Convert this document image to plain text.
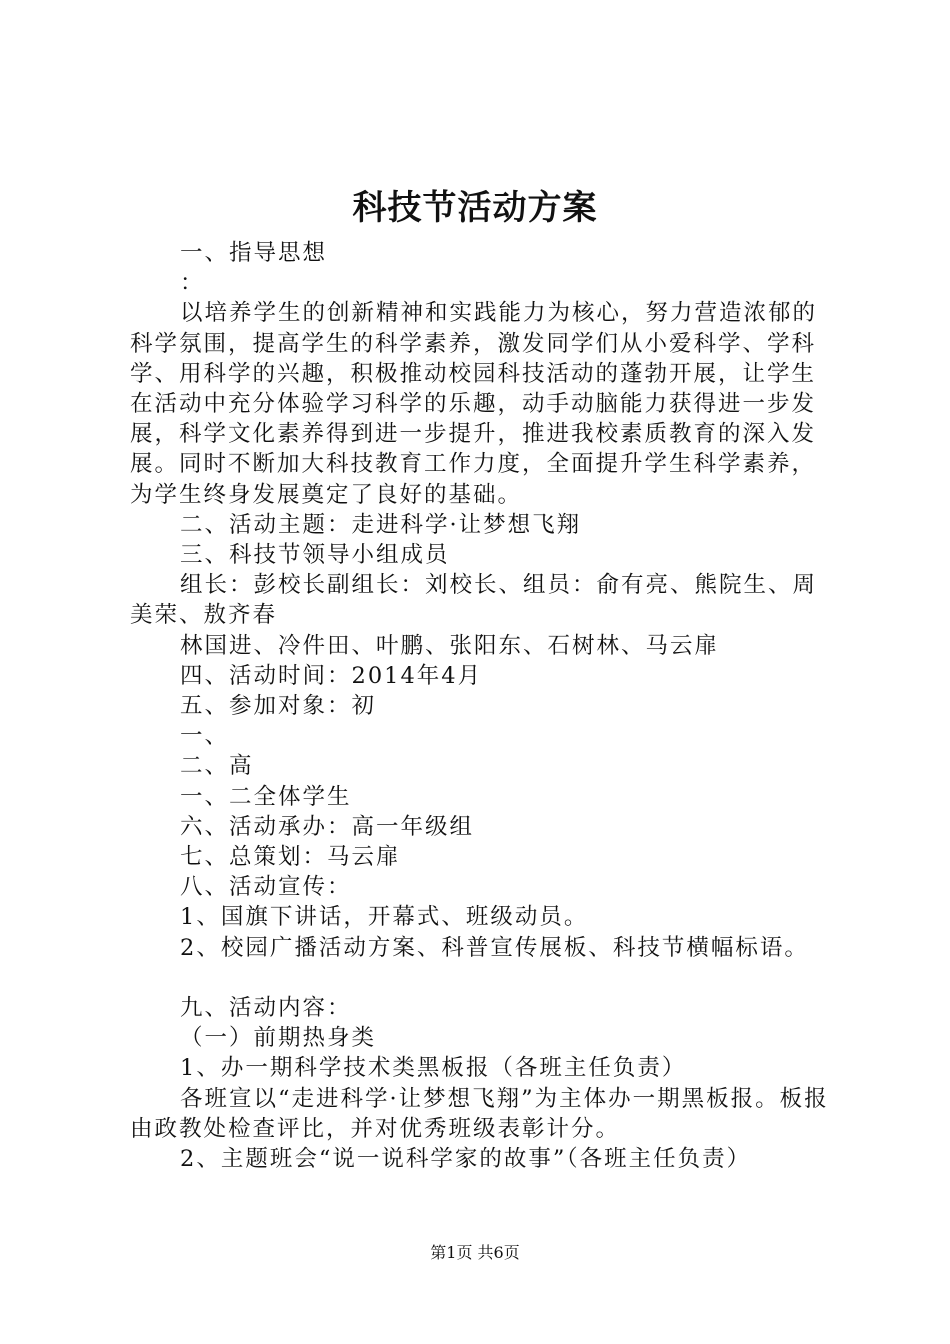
科技节活动方案
一、指导思想
：
以培养学生的创新精神和实践能力为核心，努力营造浓郁的科学氛围，提高学生的科学素养，激发同学们从小爱科学、学科学、用科学的兴趣，积极推动校园科技活动的蓬勃开展，让学生在活动中充分体验学习科学的乐趣，动手动脑能力获得进一步发展，科学文化素养得到进一步提升，推进我校素质教育的深入发展。同时不断加大科技教育工作力度，全面提升学生科学素养，为学生终身发展奠定了良好的基础。
二、活动主题：走进科学·让梦想飞翔
三、科技节领导小组成员
组长：彭校长副组长：刘校长、组员：俞有亮、熊院生、周美荣、敖齐春
林国进、冷件田、叶鹏、张阳东、石树林、马云扉
四、活动时间：2014年4月
五、参加对象：初
一、
二、高
一、二全体学生
六、活动承办：高一年级组
七、总策划：马云扉
八、活动宣传：
1、国旗下讲话，开幕式、班级动员。
2、校园广播活动方案、科普宣传展板、科技节横幅标语。
九、活动内容：
（一）前期热身类
1、办一期科学技术类黑板报（各班主任负责）
各班宣以“走进科学·让梦想飞翔”为主体办一期黑板报。板报由政教处检查评比，并对优秀班级表彰计分。
2、主题班会“说一说科学家的故事”（各班主任负责）
第1页 共6页
